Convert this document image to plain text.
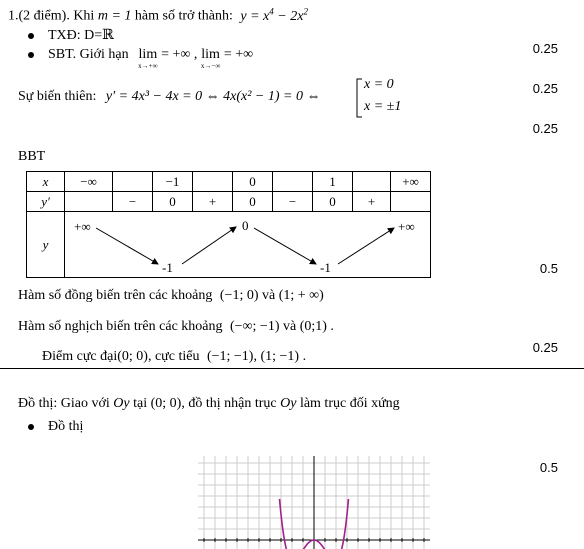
1.(2 điểm). Khi m = 1 hàm số trở thành: $y = x^4 - 2x^2$
TXĐ: D=ℝ
SBT. Giới hạn lim
x→+∞
= +∞ , lim
x→−∞
= +∞	0.25
Sự biến thiên: y′ = 4x³ − 4x = 0 ⇔ 4x(x² − 1) = 0 ⇔
x = 0
x = ±1
0.25
0.25
BBT
x	−∞		−1		0		1		+∞
y′		−	0	+	0	−	0	+	
y									
+∞
-1
0
-1
+∞
0.5
Hàm số đồng biến trên các khoảng (−1; 0) và (1; + ∞)
Hàm số nghịch biến trên các khoảng (−∞; −1) và (0;1) .
Điểm cực đại(0; 0), cực tiểu (−1; −1), (1; −1) .
0.25
Đồ thị: Giao với Oy tại (0; 0), đồ thị nhận trục Oy làm trục đối xứng
Đồ thị
0.5
